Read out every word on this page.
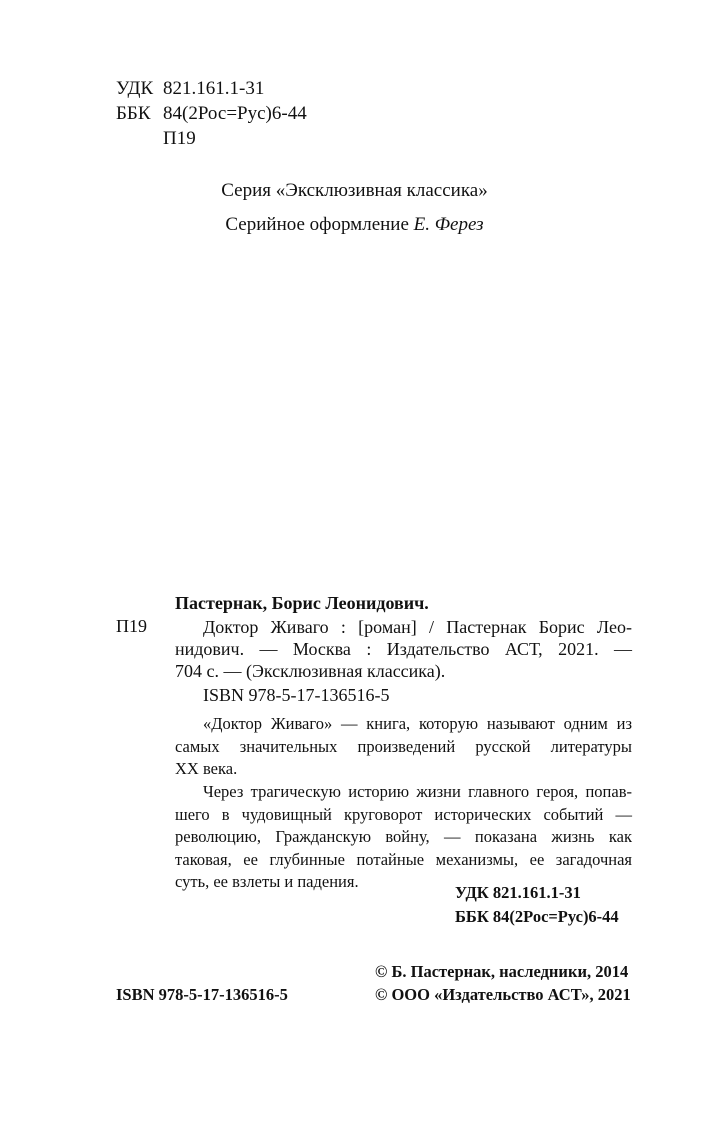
УДК 821.161.1-31
ББК 84(2Рос=Рус)6-44
П19
Серия «Эксклюзивная классика»
Серийное оформление Е. Ферез
Пастернак, Борис Леонидович.
П19	Доктор Живаго : [роман] / Пастернак Борис Лео-
нидович. — Москва : Издательство АСТ, 2021. —
704 с. — (Эксклюзивная классика).
ISBN 978-5-17-136516-5
«Доктор Живаго» — книга, которую называют одним из
самых значительных произведений русской литературы
XX века.
Через трагическую историю жизни главного героя, попав-
шего в чудовищный круговорот исторических событий —
революцию, Гражданскую войну, — показана жизнь как
таковая, ее глубинные потайные механизмы, ее загадочная
суть, ее взлеты и падения.
УДК 821.161.1-31
ББК 84(2Рос=Рус)6-44
© Б. Пастернак, наследники, 2014
ISBN 978-5-17-136516-5	© ООО «Издательство АСТ», 2021
